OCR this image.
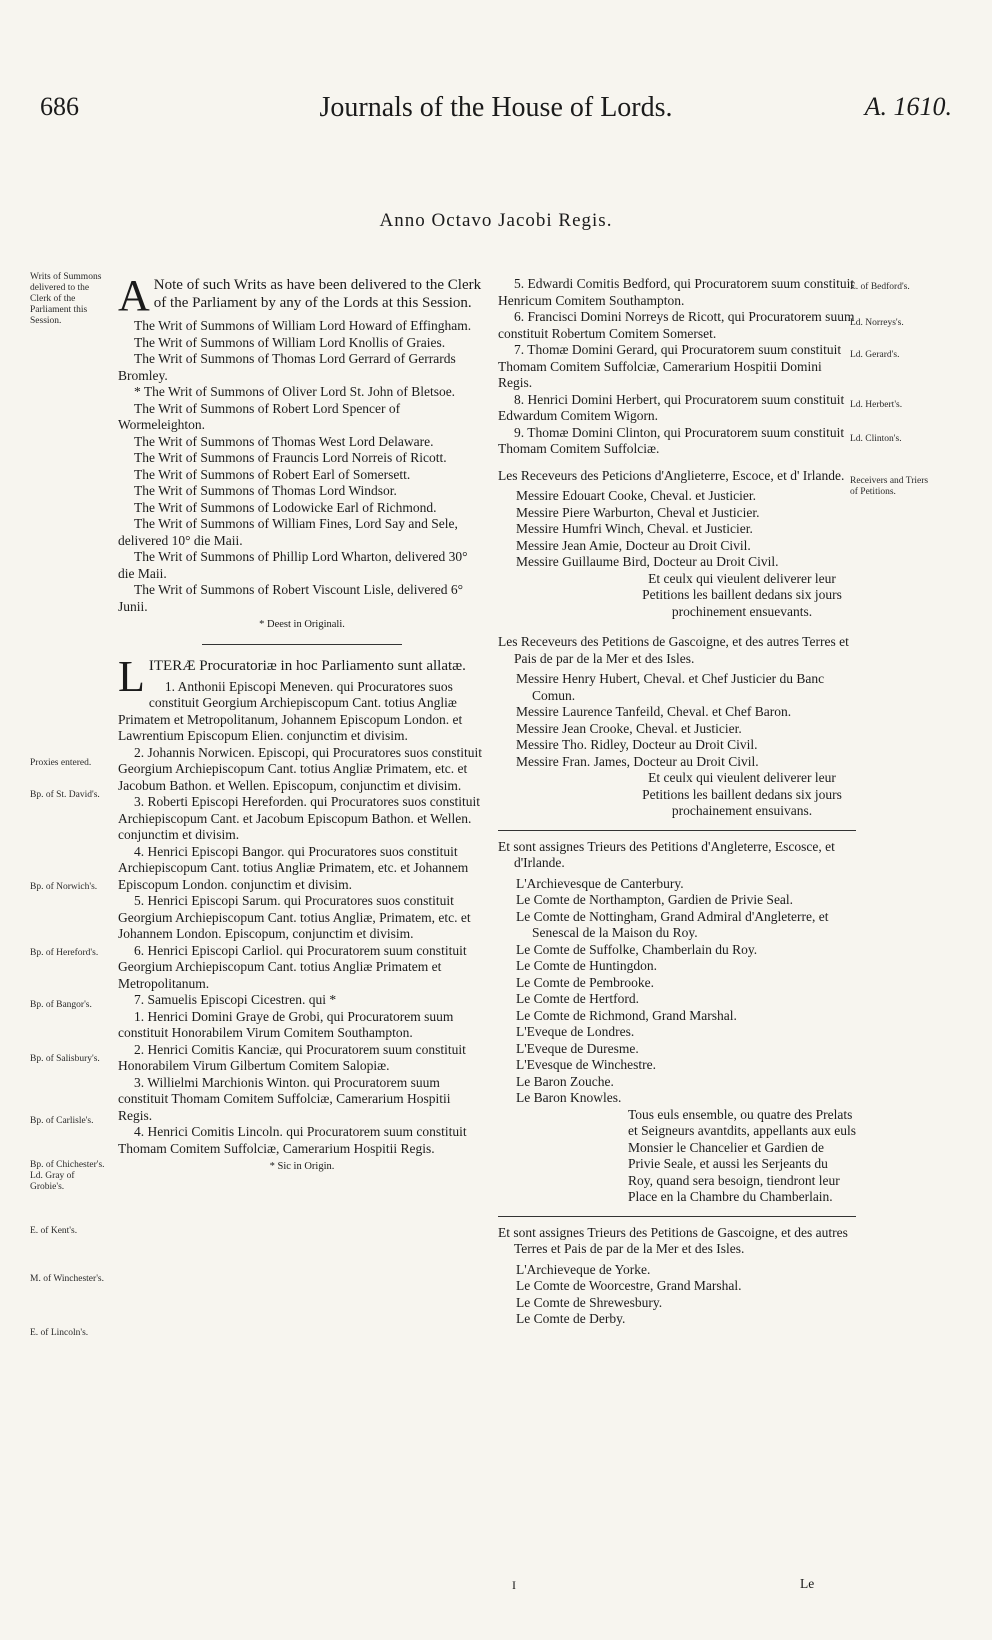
686	Journals of the House of Lords.	A. 1610.
Anno Octavo Jacobi Regis.
Writs of Summons delivered to the Clerk of the Parliament this Session.
Proxies entered.
Bp. of St. David's.
Bp. of Norwich's.
Bp. of Hereford's.
Bp. of Bangor's.
Bp. of Salisbury's.
Bp. of Carlisle's.
Bp. of Chichester's. Ld. Gray of Grobie's.
E. of Kent's.
M. of Winchester's.
E. of Lincoln's.
E. of Bedford's.
Ld. Norreys's.
Ld. Gerard's.
Ld. Herbert's.
Ld. Clinton's.
Receivers and Triers of Petitions.

A Note of such Writs as have been delivered to the Clerk of the Parliament by any of the Lords at this Session.

The Writ of Summons of William Lord Howard of Effingham.

The Writ of Summons of William Lord Knollis of Graies.

The Writ of Summons of Thomas Lord Gerrard of Gerrards Bromley.

* The Writ of Summons of Oliver Lord St. John of Bletsoe.

The Writ of Summons of Robert Lord Spencer of Wormeleighton.

The Writ of Summons of Thomas West Lord Delaware.

The Writ of Summons of Frauncis Lord Norreis of Ricott.

The Writ of Summons of Robert Earl of Somersett.

The Writ of Summons of Thomas Lord Windsor.

The Writ of Summons of Lodowicke Earl of Richmond.

The Writ of Summons of William Fines, Lord Say and Sele, delivered 10° die Maii.

The Writ of Summons of Phillip Lord Wharton, delivered 30° die Maii.

The Writ of Summons of Robert Viscount Lisle, delivered 6° Junii.

* Deest in Originali.

LITERÆ Procuratoriæ in hoc Parliamento sunt allatæ.

1. Anthonii Episcopi Meneven. qui Procuratores suos constituit Georgium Archiepiscopum Cant. totius Angliæ Primatem et Metropolitanum, Johannem Episcopum London. et Lawrentium Episcopum Elien. conjunctim et divisim.

2. Johannis Norwicen. Episcopi, qui Procuratores suos constituit Georgium Archiepiscopum Cant. totius Angliæ Primatem, etc. et Jacobum Bathon. et Wellen. Episcopum, conjunctim et divisim.

3. Roberti Episcopi Hereforden. qui Procuratores suos constituit Archiepiscopum Cant. et Jacobum Episcopum Bathon. et Wellen. conjunctim et divisim.

4. Henrici Episcopi Bangor. qui Procuratores suos constituit Archiepiscopum Cant. totius Angliæ Primatem, etc. et Johannem Episcopum London. conjunctim et divisim.

5. Henrici Episcopi Sarum. qui Procuratores suos constituit Georgium Archiepiscopum Cant. totius Angliæ, Primatem, etc. et Johannem London. Episcopum, conjunctim et divisim.

6. Henrici Episcopi Carliol. qui Procuratorem suum constituit Georgium Archiepiscopum Cant. totius Angliæ Primatem et Metropolitanum.

7. Samuelis Episcopi Cicestren. qui *

1. Henrici Domini Graye de Grobi, qui Procuratorem suum constituit Honorabilem Virum Comitem Southampton.

2. Henrici Comitis Kanciæ, qui Procuratorem suum constituit Honorabilem Virum Gilbertum Comitem Salopiæ.

3. Willielmi Marchionis Winton. qui Procuratorem suum constituit Thomam Comitem Suffolciæ, Camerarium Hospitii Regis.

4. Henrici Comitis Lincoln. qui Procuratorem suum constituit Thomam Comitem Suffolciæ, Camerarium Hospitii Regis.

* Sic in Origin.

5. Edwardi Comitis Bedford, qui Procuratorem suum constituit Henricum Comitem Southampton.

6. Francisci Domini Norreys de Ricott, qui Procuratorem suum constituit Robertum Comitem Somerset.

7. Thomæ Domini Gerard, qui Procuratorem suum constituit Thomam Comitem Suffolciæ, Camerarium Hospitii Domini Regis.

8. Henrici Domini Herbert, qui Procuratorem suum constituit Edwardum Comitem Wigorn.

9. Thomæ Domini Clinton, qui Procuratorem suum constituit Thomam Comitem Suffolciæ.

Les Receveurs des Peticions d'Anglieterre, Escoce, et d' Irlande.

Messire Edouart Cooke, Cheval. et Justicier.

Messire Piere Warburton, Cheval et Justicier.

Messire Humfri Winch, Cheval. et Justicier.

Messire Jean Amie, Docteur au Droit Civil.

Messire Guillaume Bird, Docteur au Droit Civil.

Et ceulx qui vieulent deliverer leur Petitions les baillent dedans six jours prochinement ensuevants.

Les Receveurs des Petitions de Gascoigne, et des autres Terres et Pais de par de la Mer et des Isles.

Messire Henry Hubert, Cheval. et Chef Justicier du Banc Comun.

Messire Laurence Tanfeild, Cheval. et Chef Baron.

Messire Jean Crooke, Cheval. et Justicier.

Messire Tho. Ridley, Docteur au Droit Civil.

Messire Fran. James, Docteur au Droit Civil.

Et ceulx qui vieulent deliverer leur Petitions les baillent dedans six jours prochainement ensuivans.

Et sont assignes Trieurs des Petitions d'Angleterre, Escosce, et d'Irlande.

L'Archievesque de Canterbury.

Le Comte de Northampton, Gardien de Privie Seal.

Le Comte de Nottingham, Grand Admiral d'Angleterre, et Senescal de la Maison du Roy.

Le Comte de Suffolke, Chamberlain du Roy.

Le Comte de Huntingdon.

Le Comte de Pembrooke.

Le Comte de Hertford.

Le Comte de Richmond, Grand Marshal.

L'Eveque de Londres.

L'Eveque de Duresme.

L'Evesque de Winchestre.

Le Baron Zouche.

Le Baron Knowles.

Tous euls ensemble, ou quatre des Prelats et Seigneurs avantdits, appellants aux euls Monsier le Chancelier et Gardien de Privie Seale, et aussi les Serjeants du Roy, quand sera besoign, tiendront leur Place en la Chambre du Chamberlain.

Et sont assignes Trieurs des Petitions de Gascoigne, et des autres Terres et Pais de par de la Mer et des Isles.

L'Archieveque de Yorke.

Le Comte de Woorcestre, Grand Marshal.

Le Comte de Shrewesbury.

Le Comte de Derby.

I	Le
